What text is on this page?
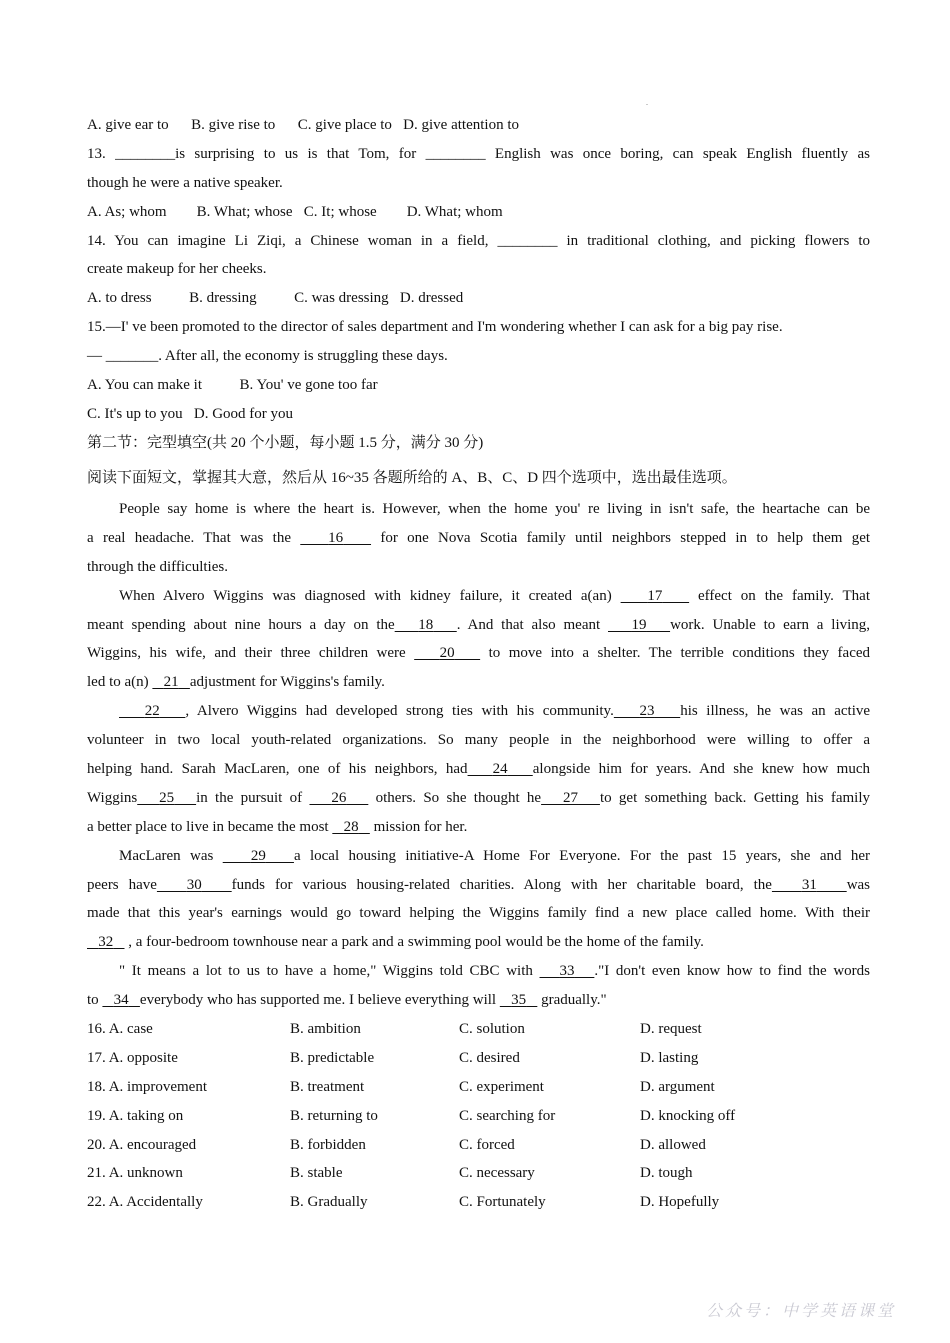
.
A. give ear to      B. give rise to      C. give place to   D. give attention to
13. ________is surprising to us is that Tom, for ________ English was once boring, can speak English fluently as
though he were a native speaker.
A. As; whom        B. What; whose   C. It; whose        D. What; whom
14. You can imagine Li Ziqi, a Chinese woman in a field, ________ in traditional clothing, and picking flowers to
create makeup for her cheeks.
A. to dress          B. dressing          C. was dressing   D. dressed
15.—I' ve been promoted to the director of sales department and I'm wondering whether I can ask for a big pay rise.
— _______. After all, the economy is struggling these days.
A. You can make it          B. You' ve gone too far
C. It's up to you   D. Good for you
第二节：完型填空(共 20 个小题，每小题 1.5 分，满分 30 分)
阅读下面短文，掌握其大意，然后从 16~35 各题所给的 A、B、C、D 四个选项中，选出最佳选项。
People say home is where the heart is. However, when the home you' re living in isn't safe, the heartache can be
a real headache. That was the 16 for one Nova Scotia family until neighbors stepped in to help them get
through the difficulties.
When Alvero Wiggins was diagnosed with kidney failure, it created a(an) 17 effect on the family. That
meant spending about nine hours a day on the 18 . And that also meant 19 work. Unable to earn a living,
Wiggins, his wife, and their three children were 20 to move into a shelter. The terrible conditions they faced
led to a(n) 21 adjustment for Wiggins's family.
22 , Alvero Wiggins had developed strong ties with his community. 23 his illness, he was an active
volunteer in two local youth-related organizations. So many people in the neighborhood were willing to offer a
helping hand. Sarah MacLaren, one of his neighbors, had 24 alongside him for years. And she knew how much
Wiggins 25 in the pursuit of 26 others. So she thought he 27 to get something back. Getting his family
a better place to live in became the most 28 mission for her.
MacLaren was 29 a local housing initiative-A Home For Everyone. For the past 15 years, she and her
peers have 30 funds for various housing-related charities. Along with her charitable board, the 31 was
made that this year's earnings would go toward helping the Wiggins family find a new place called home. With their
32 , a four-bedroom townhouse near a park and a swimming pool would be the home of the family.
" It means a lot to us to have a home," Wiggins told CBC with 33 ."I don't even know how to find the words
to 34 everybody who has supported me. I believe everything will 35 gradually."
16. A. case	B. ambition	C. solution	D. request
17. A. opposite	B. predictable	C. desired	D. lasting
18. A. improvement	B. treatment	C. experiment	D. argument
19. A. taking on	B. returning to	C. searching for	D. knocking off
20. A. encouraged	B. forbidden	C. forced	D. allowed
21. A. unknown	B. stable	C. necessary	D. tough
22. A. Accidentally	B. Gradually	C. Fortunately	D. Hopefully
公众号：中学英语课堂
